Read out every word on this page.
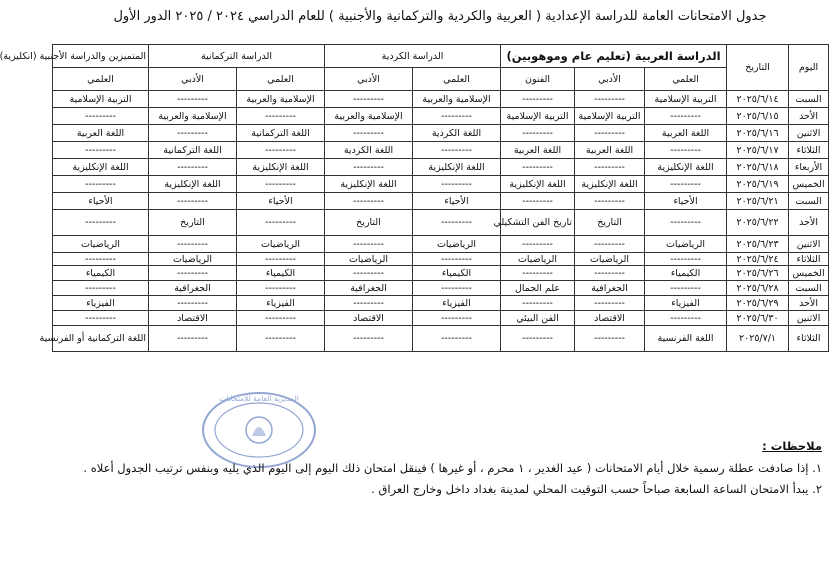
جدول الامتحانات العامة للدراسة الإعدادية ( العربية والكردية والتركمانية والأجنبية ) للعام الدراسي ٢٠٢٤ / ٢٠٢٥ الدور الأول
اليوم	التاريخ	الدراسة العربية (تعليم عام وموهوبين)			الدراسة الكردية		الدراسة التركمانية		المتميزين والدراسة الأجنبية (انكليزية)
		العلمي	الأدبي	الفنون	العلمي	الأدبي	العلمي	الأدبي	العلمي
السبت	٢٠٢٥/٦/١٤	التربية الإسلامية	---------	---------	الإسلامية والعربية	---------	الإسلامية والعربية	---------	التربية الإسلامية
الأحد	٢٠٢٥/٦/١٥	---------	التربية الإسلامية	التربية الإسلامية	---------	الإسلامية والعربية	---------	الإسلامية والعربية	---------
الاثنين	٢٠٢٥/٦/١٦	اللغة العربية	---------	---------	اللغة الكردية	---------	اللغة التركمانية	---------	اللغة العربية
الثلاثاء	٢٠٢٥/٦/١٧	---------	اللغة العربية	اللغة العربية	---------	اللغة الكردية	---------	اللغة التركمانية	---------
الأربعاء	٢٠٢٥/٦/١٨	اللغة الإنكليزية	---------	---------	اللغة الإنكليزية	---------	اللغة الإنكليزية	---------	اللغة الإنكليزية
الخميس	٢٠٢٥/٦/١٩	---------	اللغة الإنكليزية	اللغة الإنكليزية	---------	اللغة الإنكليزية	---------	اللغة الإنكليزية	---------
السبت	٢٠٢٥/٦/٢١	الأحياء	---------	---------	الأحياء	---------	الأحياء	---------	الأحياء
الأحد	٢٠٢٥/٦/٢٢	---------	التاريخ	تاريخ الفن التشكيلي	---------	التاريخ	---------	التاريخ	---------
الاثنين	٢٠٢٥/٦/٢٣	الرياضيات	---------	---------	الرياضيات	---------	الرياضيات	---------	الرياضيات
الثلاثاء	٢٠٢٥/٦/٢٤	---------	الرياضيات	الرياضيات	---------	الرياضيات	---------	الرياضيات	---------
الخميس	٢٠٢٥/٦/٢٦	الكيمياء	---------	---------	الكيمياء	---------	الكيمياء	---------	الكيمياء
السبت	٢٠٢٥/٦/٢٨	---------	الجغرافية	علم الجمال	---------	الجغرافية	---------	الجغرافية	---------
الأحد	٢٠٢٥/٦/٢٩	الفيزياء	---------	---------	الفيزياء	---------	الفيزياء	---------	الفيزياء
الاثنين	٢٠٢٥/٦/٣٠	---------	الاقتصاد	الفن البيئي	---------	الاقتصاد	---------	الاقتصاد	---------
الثلاثاء	٢٠٢٥/٧/١	اللغة الفرنسية	---------	---------	---------	---------	---------	---------	اللغة التركمانية أو الفرنسية
المديرية العامة للامتحانات
ملاحظات :
١. إذا صادفت عطلة رسمية خلال أيام الامتحانات ( عيد الغدير ، ١ محرم ، أو غيرها ) فينقل امتحان ذلك اليوم إلى اليوم الذي يليه وبنفس ترتيب الجدول أعلاه .
٢. يبدأ الامتحان الساعة السابعة صباحاً حسب التوقيت المحلي لمدينة بغداد داخل وخارج العراق .
